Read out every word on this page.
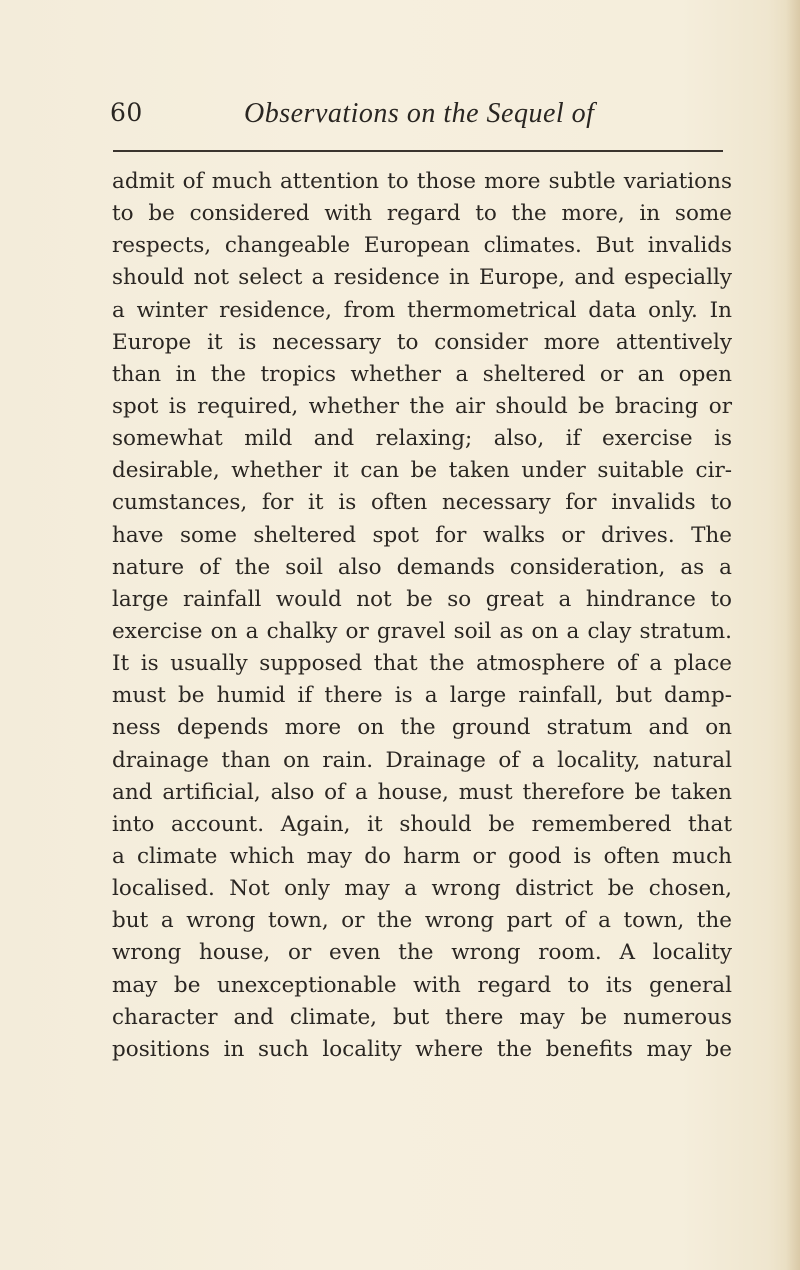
60	Observations on the Sequel of
admit of much attention to those more subtle variations
to be considered with regard to the more, in some
respects, changeable European climates. But invalids
should not select a residence in Europe, and especially
a winter residence, from thermometrical data only. In
Europe it is necessary to consider more attentively
than in the tropics whether a sheltered or an open
spot is required, whether the air should be bracing or
somewhat mild and relaxing; also, if exercise is
desirable, whether it can be taken under suitable cir-
cumstances, for it is often necessary for invalids to
have some sheltered spot for walks or drives. The
nature of the soil also demands consideration, as a
large rainfall would not be so great a hindrance to
exercise on a chalky or gravel soil as on a clay stratum.
It is usually supposed that the atmosphere of a place
must be humid if there is a large rainfall, but damp-
ness depends more on the ground stratum and on
drainage than on rain. Drainage of a locality, natural
and artificial, also of a house, must therefore be taken
into account. Again, it should be remembered that
a climate which may do harm or good is often much
localised. Not only may a wrong district be chosen,
but a wrong town, or the wrong part of a town, the
wrong house, or even the wrong room. A locality
may be unexceptionable with regard to its general
character and climate, but there may be numerous
positions in such locality where the benefits may be
